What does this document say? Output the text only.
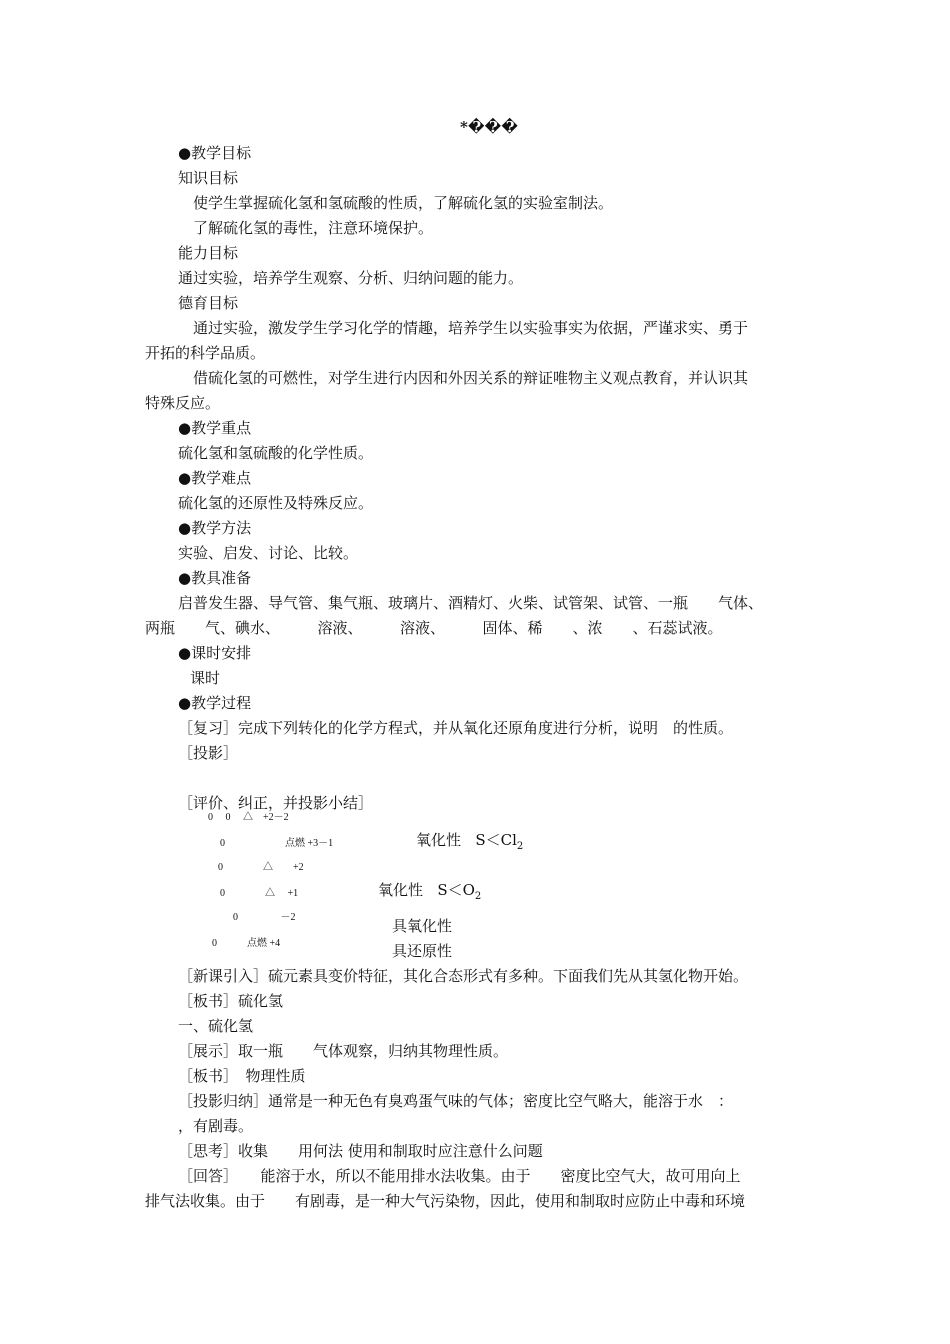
*���
●教学目标
知识目标
使学生掌握硫化氢和氢硫酸的性质，了解硫化氢的实验室制法。
了解硫化氢的毒性，注意环境保护。
能力目标
通过实验，培养学生观察、分析、归纳问题的能力。
德育目标
通过实验，激发学生学习化学的情趣，培养学生以实验事实为依据，严谨求实、勇于
开拓的科学品质。
借硫化氢的可燃性，对学生进行内因和外因关系的辩证唯物主义观点教育，并认识其
特殊反应。
●教学重点
硫化氢和氢硫酸的化学性质。
●教学难点
硫化氢的还原性及特殊反应。
●教学方法
实验、启发、讨论、比较。
●教具准备
启普发生器、导气管、集气瓶、玻璃片、酒精灯、火柴、试管架、试管、一瓶　　气体、
两瓶　　气、碘水、　　　溶液、　　　溶液、　　　固体、稀　　、浓　　、石蕊试液。
●课时安排
课时
●教学过程
［复习］完成下列转化的化学方程式，并从氧化还原角度进行分析，说明　的性质。
［投影］
［评价、纠正，并投影小结］
0　 0 　△　+2－2
0　　　　　　点燃 +3－1
0　　　　△　　+2
0　　　　△　 +1
0　　　　 －2
0　　　点燃 +4
氧化性 $S<Cl_2$
氧化性 $S<O_2$
具氧化性
具还原性
［新课引入］硫元素具变价特征，其化合态形式有多种。下面我们先从其氢化物开始。
［板书］硫化氢
一、硫化氢
［展示］取一瓶　　气体观察，归纳其物理性质。
［板书］　物理性质
［投影归纳］通常是一种无色有臭鸡蛋气味的气体；密度比空气略大，能溶于水　：
，有剧毒。
［思考］收集　　用何法 使用和制取时应注意什么问题
［回答］　　能溶于水，所以不能用排水法收集。由于　　密度比空气大，故可用向上
排气法收集。由于　　有剧毒，是一种大气污染物，因此，使用和制取时应防止中毒和环境
